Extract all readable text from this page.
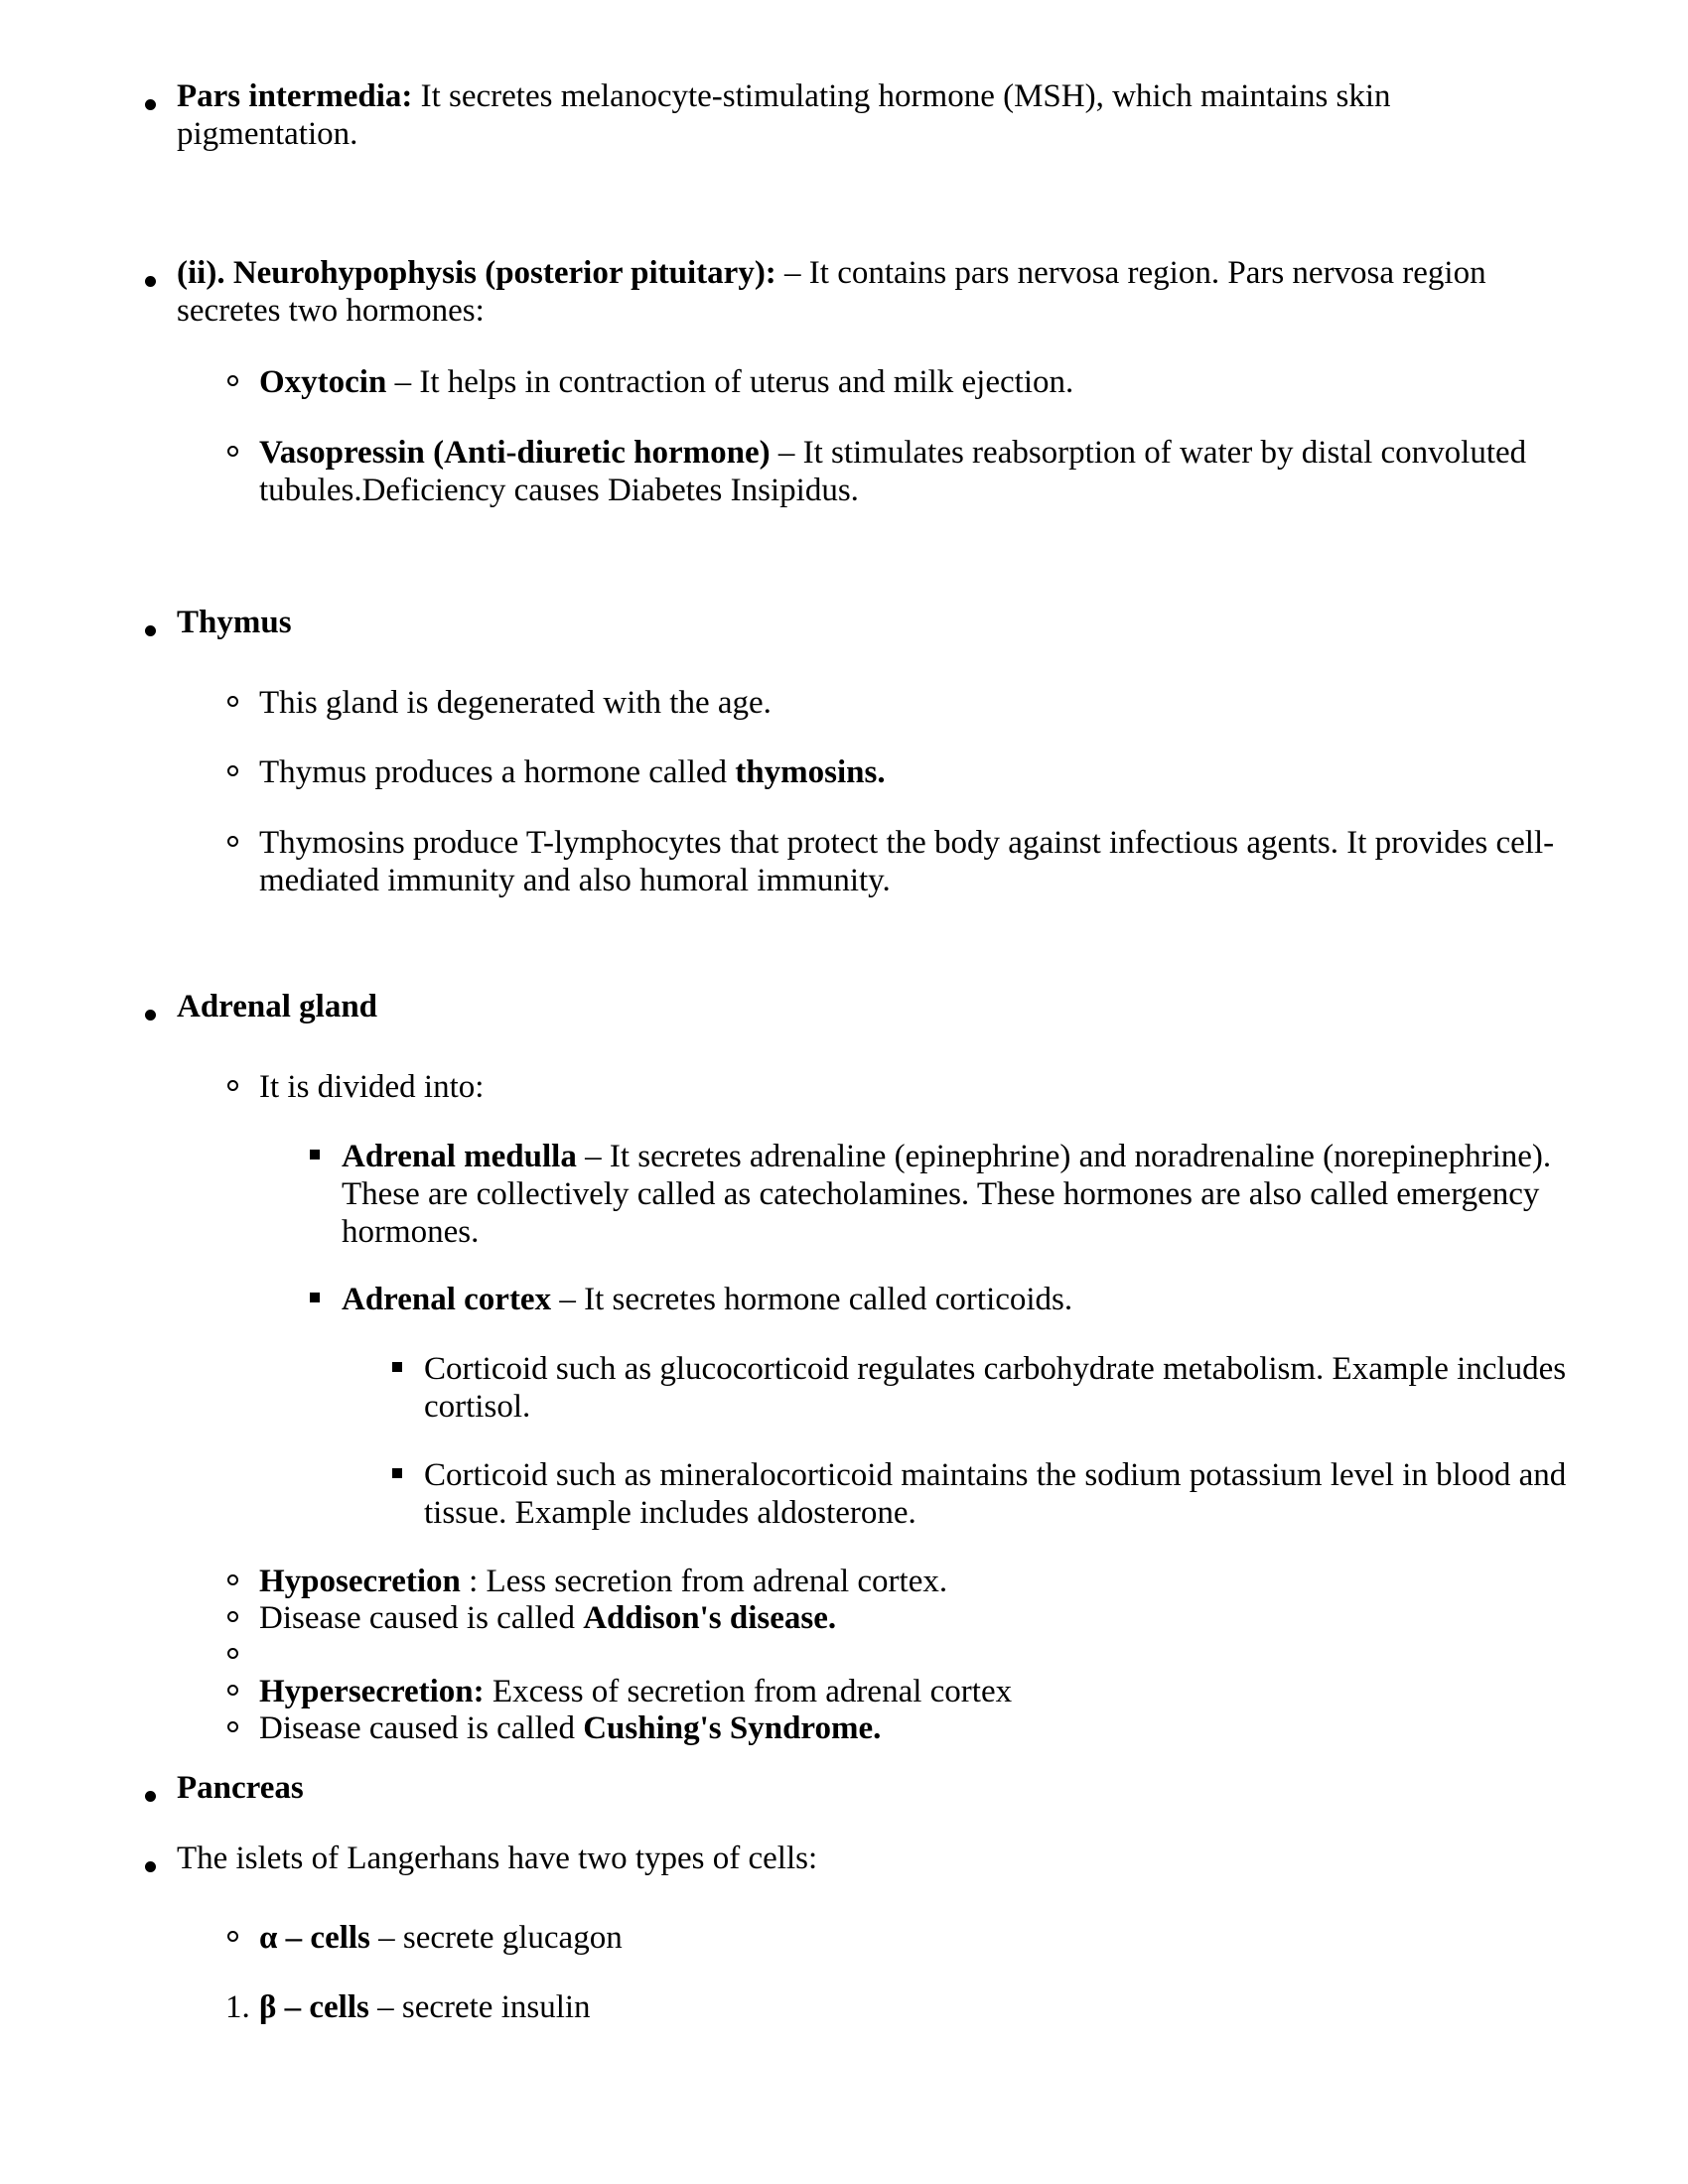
Pars intermedia: It secretes melanocyte-stimulating hormone (MSH), which maintains skin pigmentation.
(ii). Neurohypophysis (posterior pituitary): – It contains pars nervosa region. Pars nervosa region secretes two hormones:
Oxytocin – It helps in contraction of uterus and milk ejection.
Vasopressin (Anti-diuretic hormone) – It stimulates reabsorption of water by distal convoluted tubules.Deficiency causes Diabetes Insipidus.
Thymus
This gland is degenerated with the age.
Thymus produces a hormone called thymosins.
Thymosins produce T-lymphocytes that protect the body against infectious agents. It provides cell-mediated immunity and also humoral immunity.
Adrenal gland
It is divided into:
Adrenal medulla – It secretes adrenaline (epinephrine) and noradrenaline (norepinephrine). These are collectively called as catecholamines. These hormones are also called emergency hormones.
Adrenal cortex – It secretes hormone called corticoids.
Corticoid such as glucocorticoid regulates carbohydrate metabolism. Example includes cortisol.
Corticoid such as mineralocorticoid maintains the sodium potassium level in blood and tissue. Example includes aldosterone.
Hyposecretion : Less secretion from adrenal cortex.
Disease caused is called Addison's disease.
Hypersecretion: Excess of secretion from adrenal cortex
Disease caused is called Cushing's Syndrome.
Pancreas
The islets of Langerhans have two types of cells:
α – cells – secrete glucagon
1. β – cells – secrete insulin
